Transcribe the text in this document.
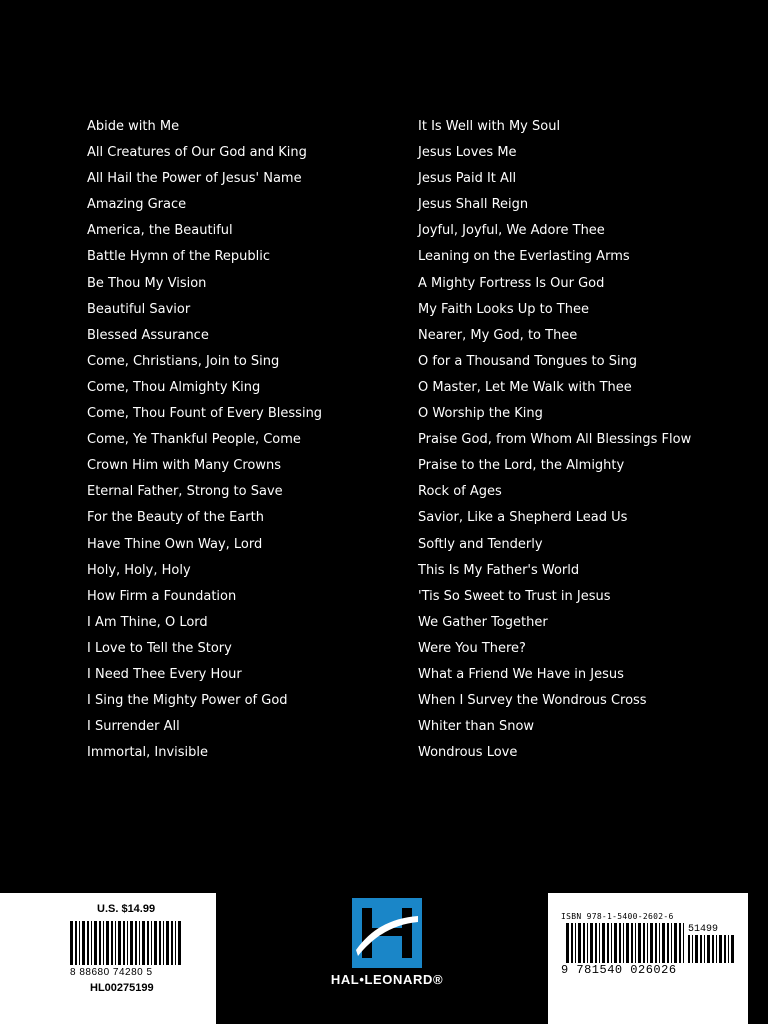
Abide with Me
All Creatures of Our God and King
All Hail the Power of Jesus' Name
Amazing Grace
America, the Beautiful
Battle Hymn of the Republic
Be Thou My Vision
Beautiful Savior
Blessed Assurance
Come, Christians, Join to Sing
Come, Thou Almighty King
Come, Thou Fount of Every Blessing
Come, Ye Thankful People, Come
Crown Him with Many Crowns
Eternal Father, Strong to Save
For the Beauty of the Earth
Have Thine Own Way, Lord
Holy, Holy, Holy
How Firm a Foundation
I Am Thine, O Lord
I Love to Tell the Story
I Need Thee Every Hour
I Sing the Mighty Power of God
I Surrender All
Immortal, Invisible
It Is Well with My Soul
Jesus Loves Me
Jesus Paid It All
Jesus Shall Reign
Joyful, Joyful, We Adore Thee
Leaning on the Everlasting Arms
A Mighty Fortress Is Our God
My Faith Looks Up to Thee
Nearer, My God, to Thee
O for a Thousand Tongues to Sing
O Master, Let Me Walk with Thee
O Worship the King
Praise God, from Whom All Blessings Flow
Praise to the Lord, the Almighty
Rock of Ages
Savior, Like a Shepherd Lead Us
Softly and Tenderly
This Is My Father's World
'Tis So Sweet to Trust in Jesus
We Gather Together
Were You There?
What a Friend We Have in Jesus
When I Survey the Wondrous Cross
Whiter than Snow
Wondrous Love
U.S. $14.99
8 88680 74280 5
HL00275199
HAL•LEONARD®
ISBN 978-1-5400-2602-6
51499
9 781540 026026
